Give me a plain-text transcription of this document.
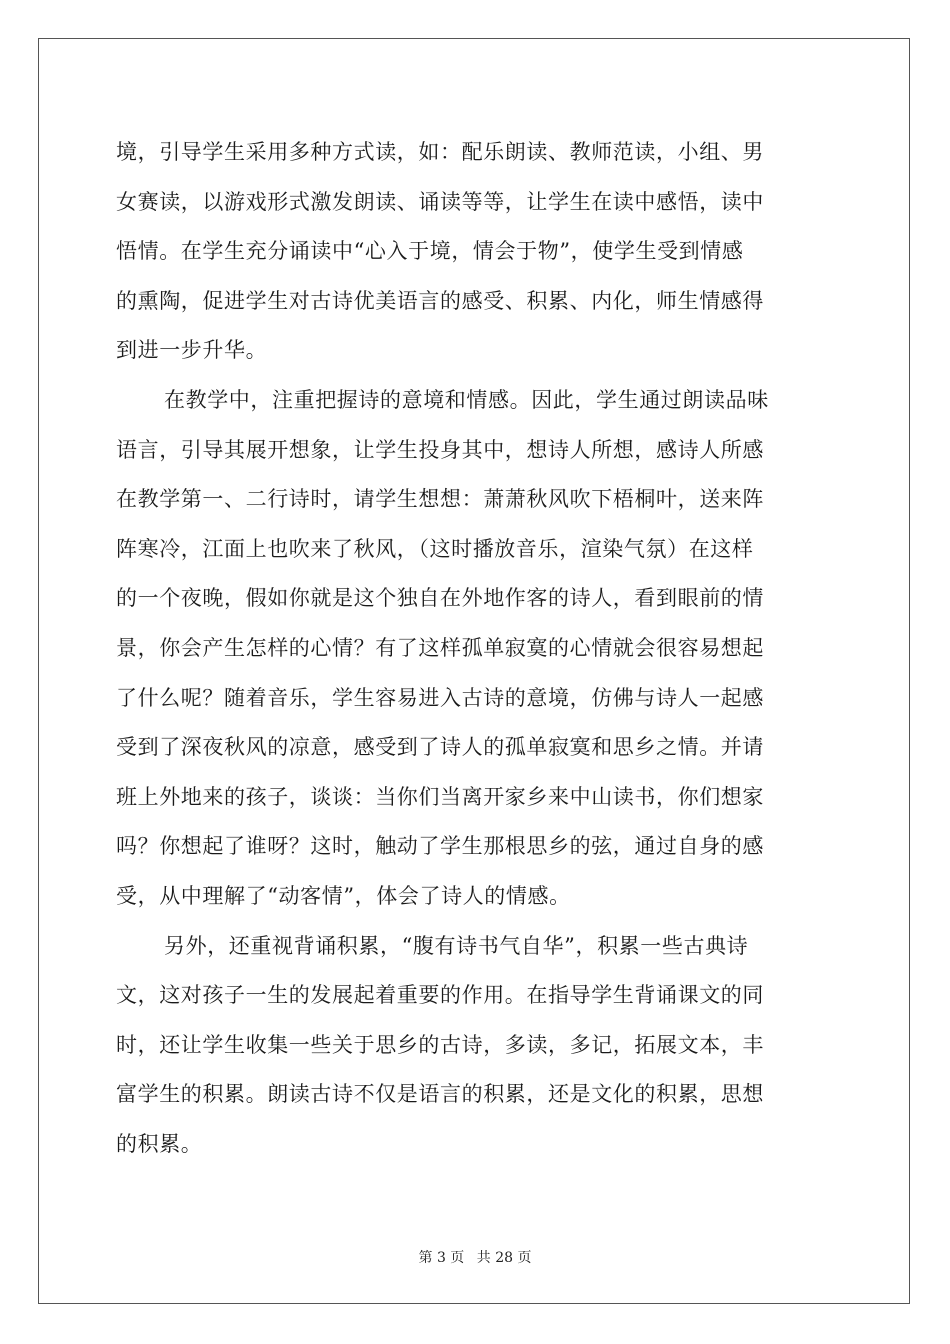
境，引导学生采用多种方式读，如：配乐朗读、教师范读，小组、男
女赛读，以游戏形式激发朗读、诵读等等，让学生在读中感悟，读中
悟情。在学生充分诵读中“心入于境，情会于物”，使学生受到情感
的熏陶，促进学生对古诗优美语言的感受、积累、内化，师生情感得
到进一步升华。
在教学中，注重把握诗的意境和情感。因此，学生通过朗读品味
语言，引导其展开想象，让学生投身其中，想诗人所想，感诗人所感
在教学第一、二行诗时，请学生想想：萧萧秋风吹下梧桐叶，送来阵
阵寒冷，江面上也吹来了秋风，（这时播放音乐，渲染气氛）在这样
的一个夜晚，假如你就是这个独自在外地作客的诗人，看到眼前的情
景，你会产生怎样的心情？有了这样孤单寂寞的心情就会很容易想起
了什么呢？随着音乐，学生容易进入古诗的意境，仿佛与诗人一起感
受到了深夜秋风的凉意，感受到了诗人的孤单寂寞和思乡之情。并请
班上外地来的孩子，谈谈：当你们当离开家乡来中山读书，你们想家
吗？你想起了谁呀？这时，触动了学生那根思乡的弦，通过自身的感
受，从中理解了“动客情”，体会了诗人的情感。
另外，还重视背诵积累，“腹有诗书气自华”，积累一些古典诗
文，这对孩子一生的发展起着重要的作用。在指导学生背诵课文的同
时，还让学生收集一些关于思乡的古诗，多读，多记，拓展文本，丰
富学生的积累。朗读古诗不仅是语言的积累，还是文化的积累，思想
的积累。
第 3 页 共 28 页
